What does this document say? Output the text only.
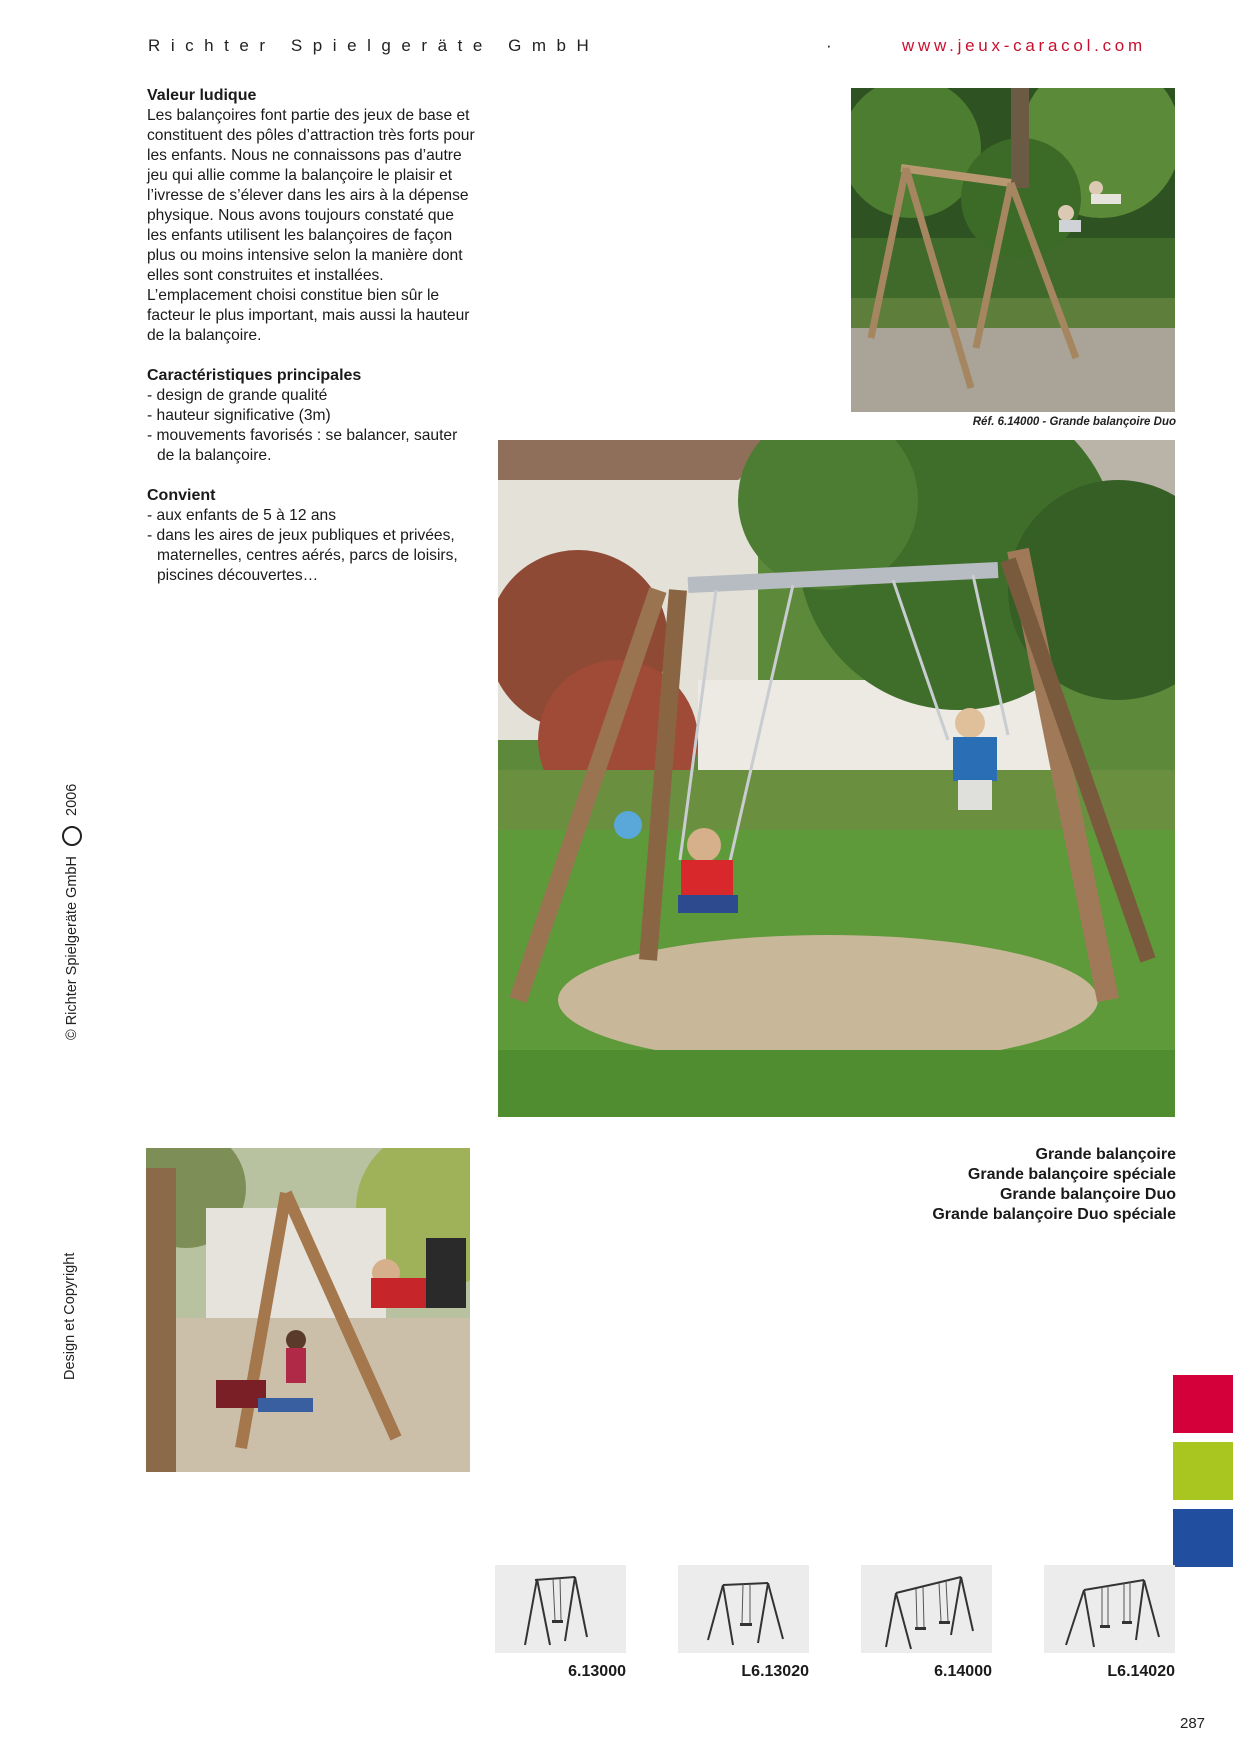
Richter Spielgeräte GmbH	·	www.jeux-caracol.com

Valeur ludique

Les balançoires font partie des jeux de base et constituent des pôles d’attraction très forts pour les enfants. Nous ne connaissons pas d’autre jeu qui allie comme la balançoire le plaisir et l’ivresse de s’élever dans les airs à la dépense physique. Nous avons toujours constaté que les enfants utilisent les balançoires de façon plus ou moins intensive selon la manière dont elles sont construites et installées. L’emplacement choisi constitue bien sûr le facteur le plus important, mais aussi la hauteur de la balançoire.

Caractéristiques principales

- design de grande qualité

- hauteur significative (3m)

- mouvements favorisés : se balancer, sauter de la balançoire.

Convient

- aux enfants de 5 à 12 ans

- dans les aires de jeux publiques et privées, maternelles, centres aérés, parcs de loisirs, piscines découvertes…

Réf. 6.14000 - Grande balançoire Duo
© Richter Spielgeräte GmbH  2006
Design et Copyright
Grande balançoire
Grande balançoire spéciale
Grande balançoire Duo
Grande balançoire Duo spéciale
6.13000	L6.13020	6.14000	L6.14020
287
